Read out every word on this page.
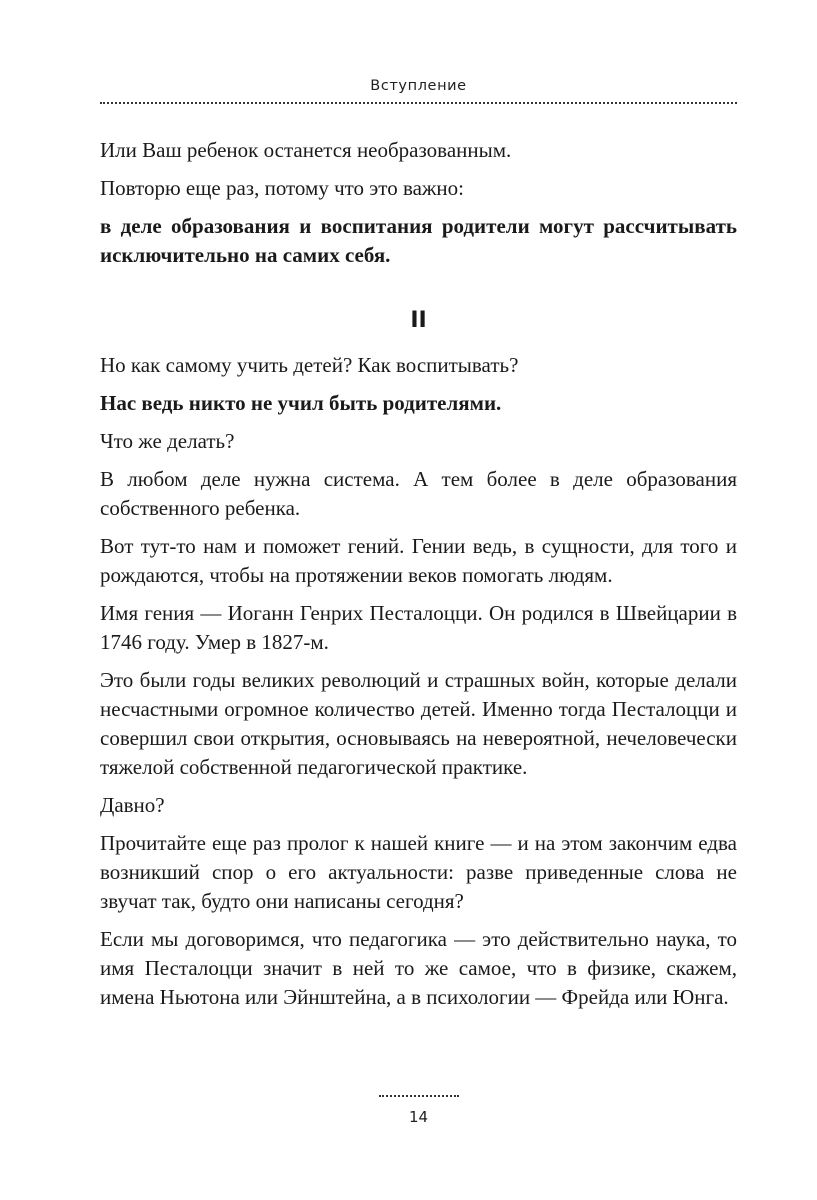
Вступление

Или Ваш ребенок останется необразованным.

Повторю еще раз, потому что это важно:

в деле образования и воспитания родители могут рассчитывать исключительно на самих себя.

II

Но как самому учить детей? Как воспитывать?

Нас ведь никто не учил быть родителями.

Что же делать?

В любом деле нужна система. А тем более в деле образования собственного ребенка.

Вот тут-то нам и поможет гений. Гении ведь, в сущности, для того и рождаются, чтобы на протяжении веков помогать людям.

Имя гения — Иоганн Генрих Песталоцци. Он родился в Швейцарии в 1746 году. Умер в 1827-м.

Это были годы великих революций и страшных войн, которые делали несчастными огромное количество детей. Именно тогда Песталоцци и совершил свои открытия, основываясь на невероятной, нечеловечески тяжелой собственной педагогической практике.

Давно?

Прочитайте еще раз пролог к нашей книге — и на этом закончим едва возникший спор о его актуальности: разве приведенные слова не звучат так, будто они написаны сегодня?

Если мы договоримся, что педагогика — это действительно наука, то имя Песталоцци значит в ней то же самое, что в физике, скажем, имена Ньютона или Эйнштейна, а в психологии — Фрейда или Юнга.

14
